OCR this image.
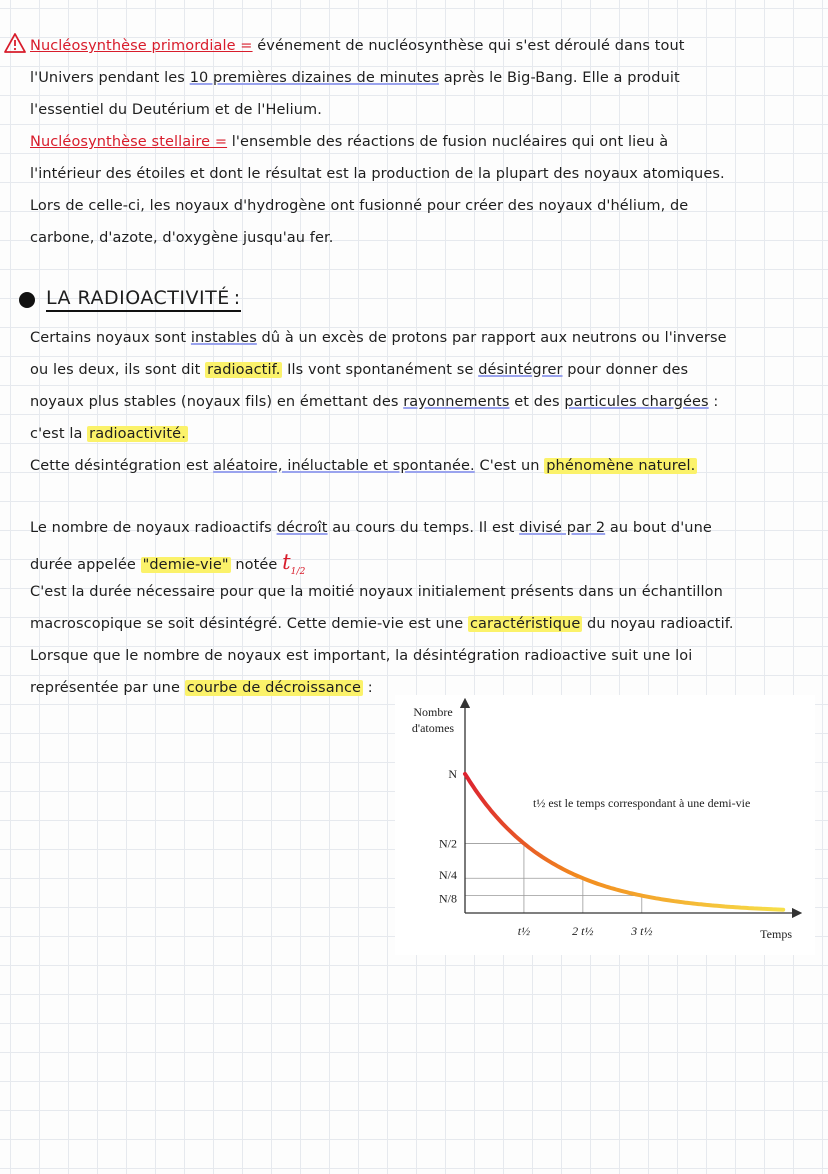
Nucléosynthèse primordiale = événement de nucléosynthèse qui s'est déroulé dans tout
l'Univers pendant les 10 premières dizaines de minutes après le Big-Bang. Elle a produit
l'essentiel du Deutérium et de l'Helium.
Nucléosynthèse stellaire = l'ensemble des réactions de fusion nucléaires qui ont lieu à
l'intérieur des étoiles et dont le résultat est la production de la plupart des noyaux atomiques.
Lors de celle-ci, les noyaux d'hydrogène ont fusionné pour créer des noyaux d'hélium, de
carbone, d'azote, d'oxygène jusqu'au fer.
LA RADIOACTIVITÉ :
Certains noyaux sont instables dû à un excès de protons par rapport aux neutrons ou l'inverse
ou les deux, ils sont dit radioactif. Ils vont spontanément se désintégrer pour donner des
noyaux plus stables (noyaux fils) en émettant des rayonnements et des particules chargées :
c'est la radioactivité.
Cette désintégration est aléatoire, inéluctable et spontanée. C'est un phénomène naturel.
Le nombre de noyaux radioactifs décroît au cours du temps. Il est divisé par 2 au bout d'une
durée appelée "demie-vie" notée $t_{1/2}$
C'est la durée nécessaire pour que la moitié noyaux initialement présents dans un échantillon
macroscopique se soit désintégré. Cette demie-vie est une caractéristique du noyau radioactif.
Lorsque que le nombre de noyaux est important, la désintégration radioactive suit une loi
représentée par une courbe de décroissance :
Nombre
d'atomes
Temps
N
N/2
N/4
N/8
t½	2 t½	3 t½
t½ est le temps correspondant à une demi-vie
